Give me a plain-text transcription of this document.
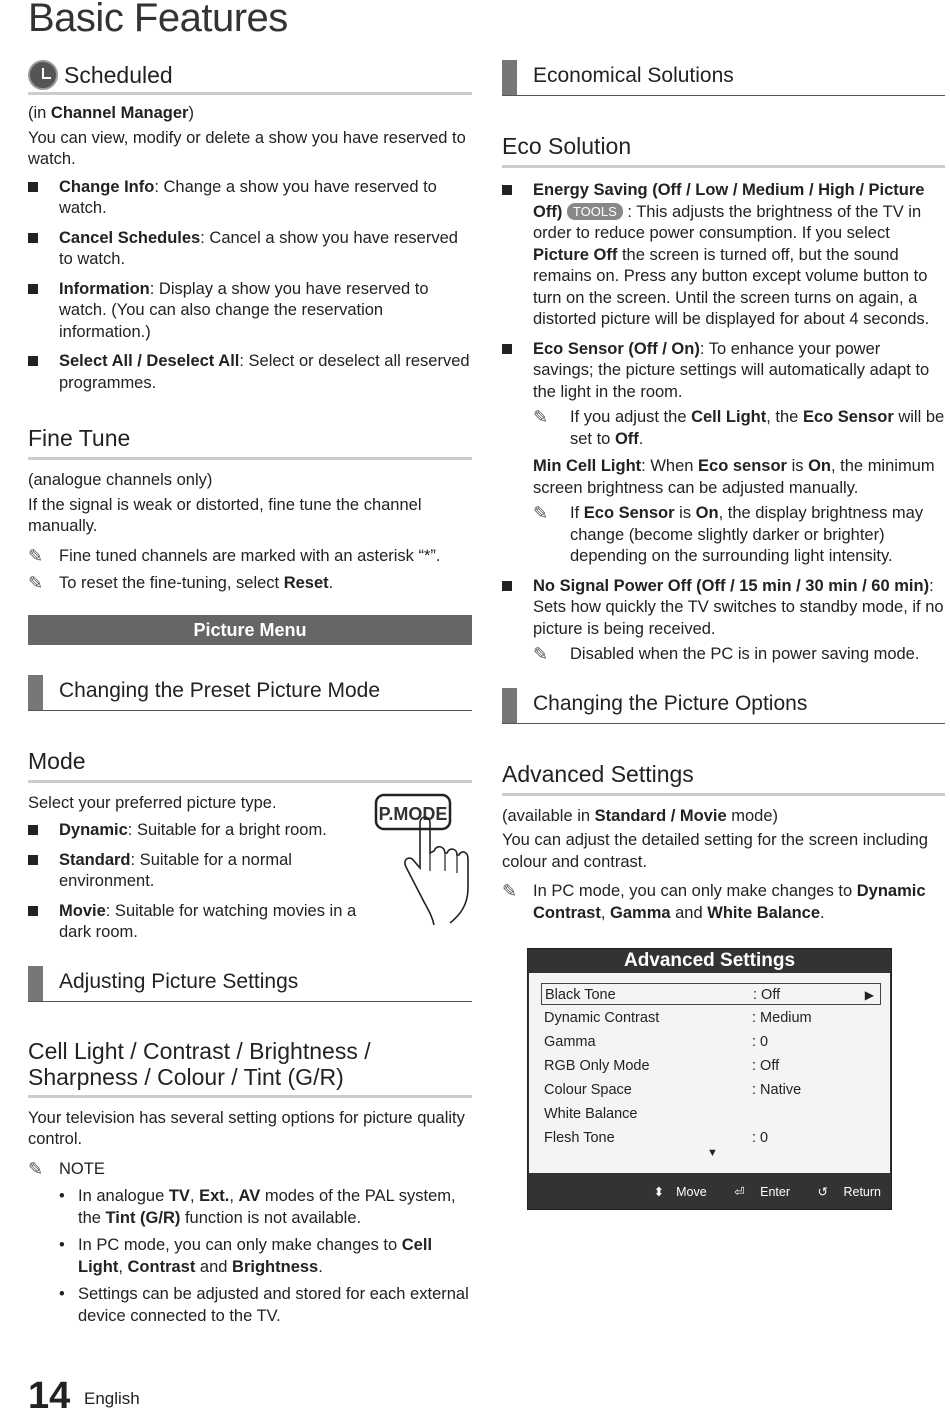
Basic Features
Scheduled

(in Channel Manager)

You can view, modify or delete a show you have reserved to watch.

Change Info: Change a show you have reserved to watch.
Cancel Schedules: Cancel a show you have reserved to watch.
Information: Display a show you have reserved to watch. (You can also change the reservation information.)
Select All / Deselect All: Select or deselect all reserved programmes.
Fine Tune

(analogue channels only)

If the signal is weak or distorted, fine tune the channel manually.

✎ Fine tuned channels are marked with an asterisk “*”.
✎ To reset the fine-tuning, select Reset.
Picture Menu
Changing the Preset Picture Mode
Mode

Select your preferred picture type.

Dynamic: Suitable for a bright room.
Standard: Suitable for a normal environment.
Movie: Suitable for watching movies in a dark room.
Adjusting Picture Settings
Cell Light / Contrast / Brightness / Sharpness / Colour / Tint (G/R)

Your television has several setting options for picture quality control.

✎ NOTE
•
In analogue TV, Ext., AV modes of the PAL system, the Tint (G/R) function is not available.
•
In PC mode, you can only make changes to Cell Light, Contrast and Brightness.
•
Settings can be adjusted and stored for each external device connected to the TV.
P.MODE
Economical Solutions
Eco Solution
Energy Saving (Off / Low / Medium / High / Picture Off) TOOLS : This adjusts the brightness of the TV in order to reduce power consumption. If you select Picture Off the screen is turned off, but the sound remains on. Press any button except volume button to turn on the screen. Until the screen turns on again, a distorted picture will be displayed for about 4 seconds.
Eco Sensor (Off / On): To enhance your power savings; the picture settings will automatically adapt to the light in the room.
✎	If you adjust the Cell Light, the Eco Sensor will be set to Off.

Min Cell Light: When Eco sensor is On, the minimum screen brightness can be adjusted manually.

✎	If Eco Sensor is On, the display brightness may change (become slightly darker or brighter) depending on the surrounding light intensity.
No Signal Power Off (Off / 15 min / 30 min / 60 min): Sets how quickly the TV switches to standby mode, if no picture is being received.
✎	Disabled when the PC is in power saving mode.
Changing the Picture Options
Advanced Settings

(available in Standard / Movie mode)

You can adjust the detailed setting for the screen including colour and contrast.

✎ In PC mode, you can only make changes to Dynamic Contrast, Gamma and White Balance.
Advanced Settings
Black Tone	: Off	▶
Dynamic Contrast	: Medium
Gamma	: 0
RGB Only Mode	: Off
Colour Space	: Native
White Balance
Flesh Tone	: 0
▼
⬍ Move ⏎ Enter ↺ Return
14 English
